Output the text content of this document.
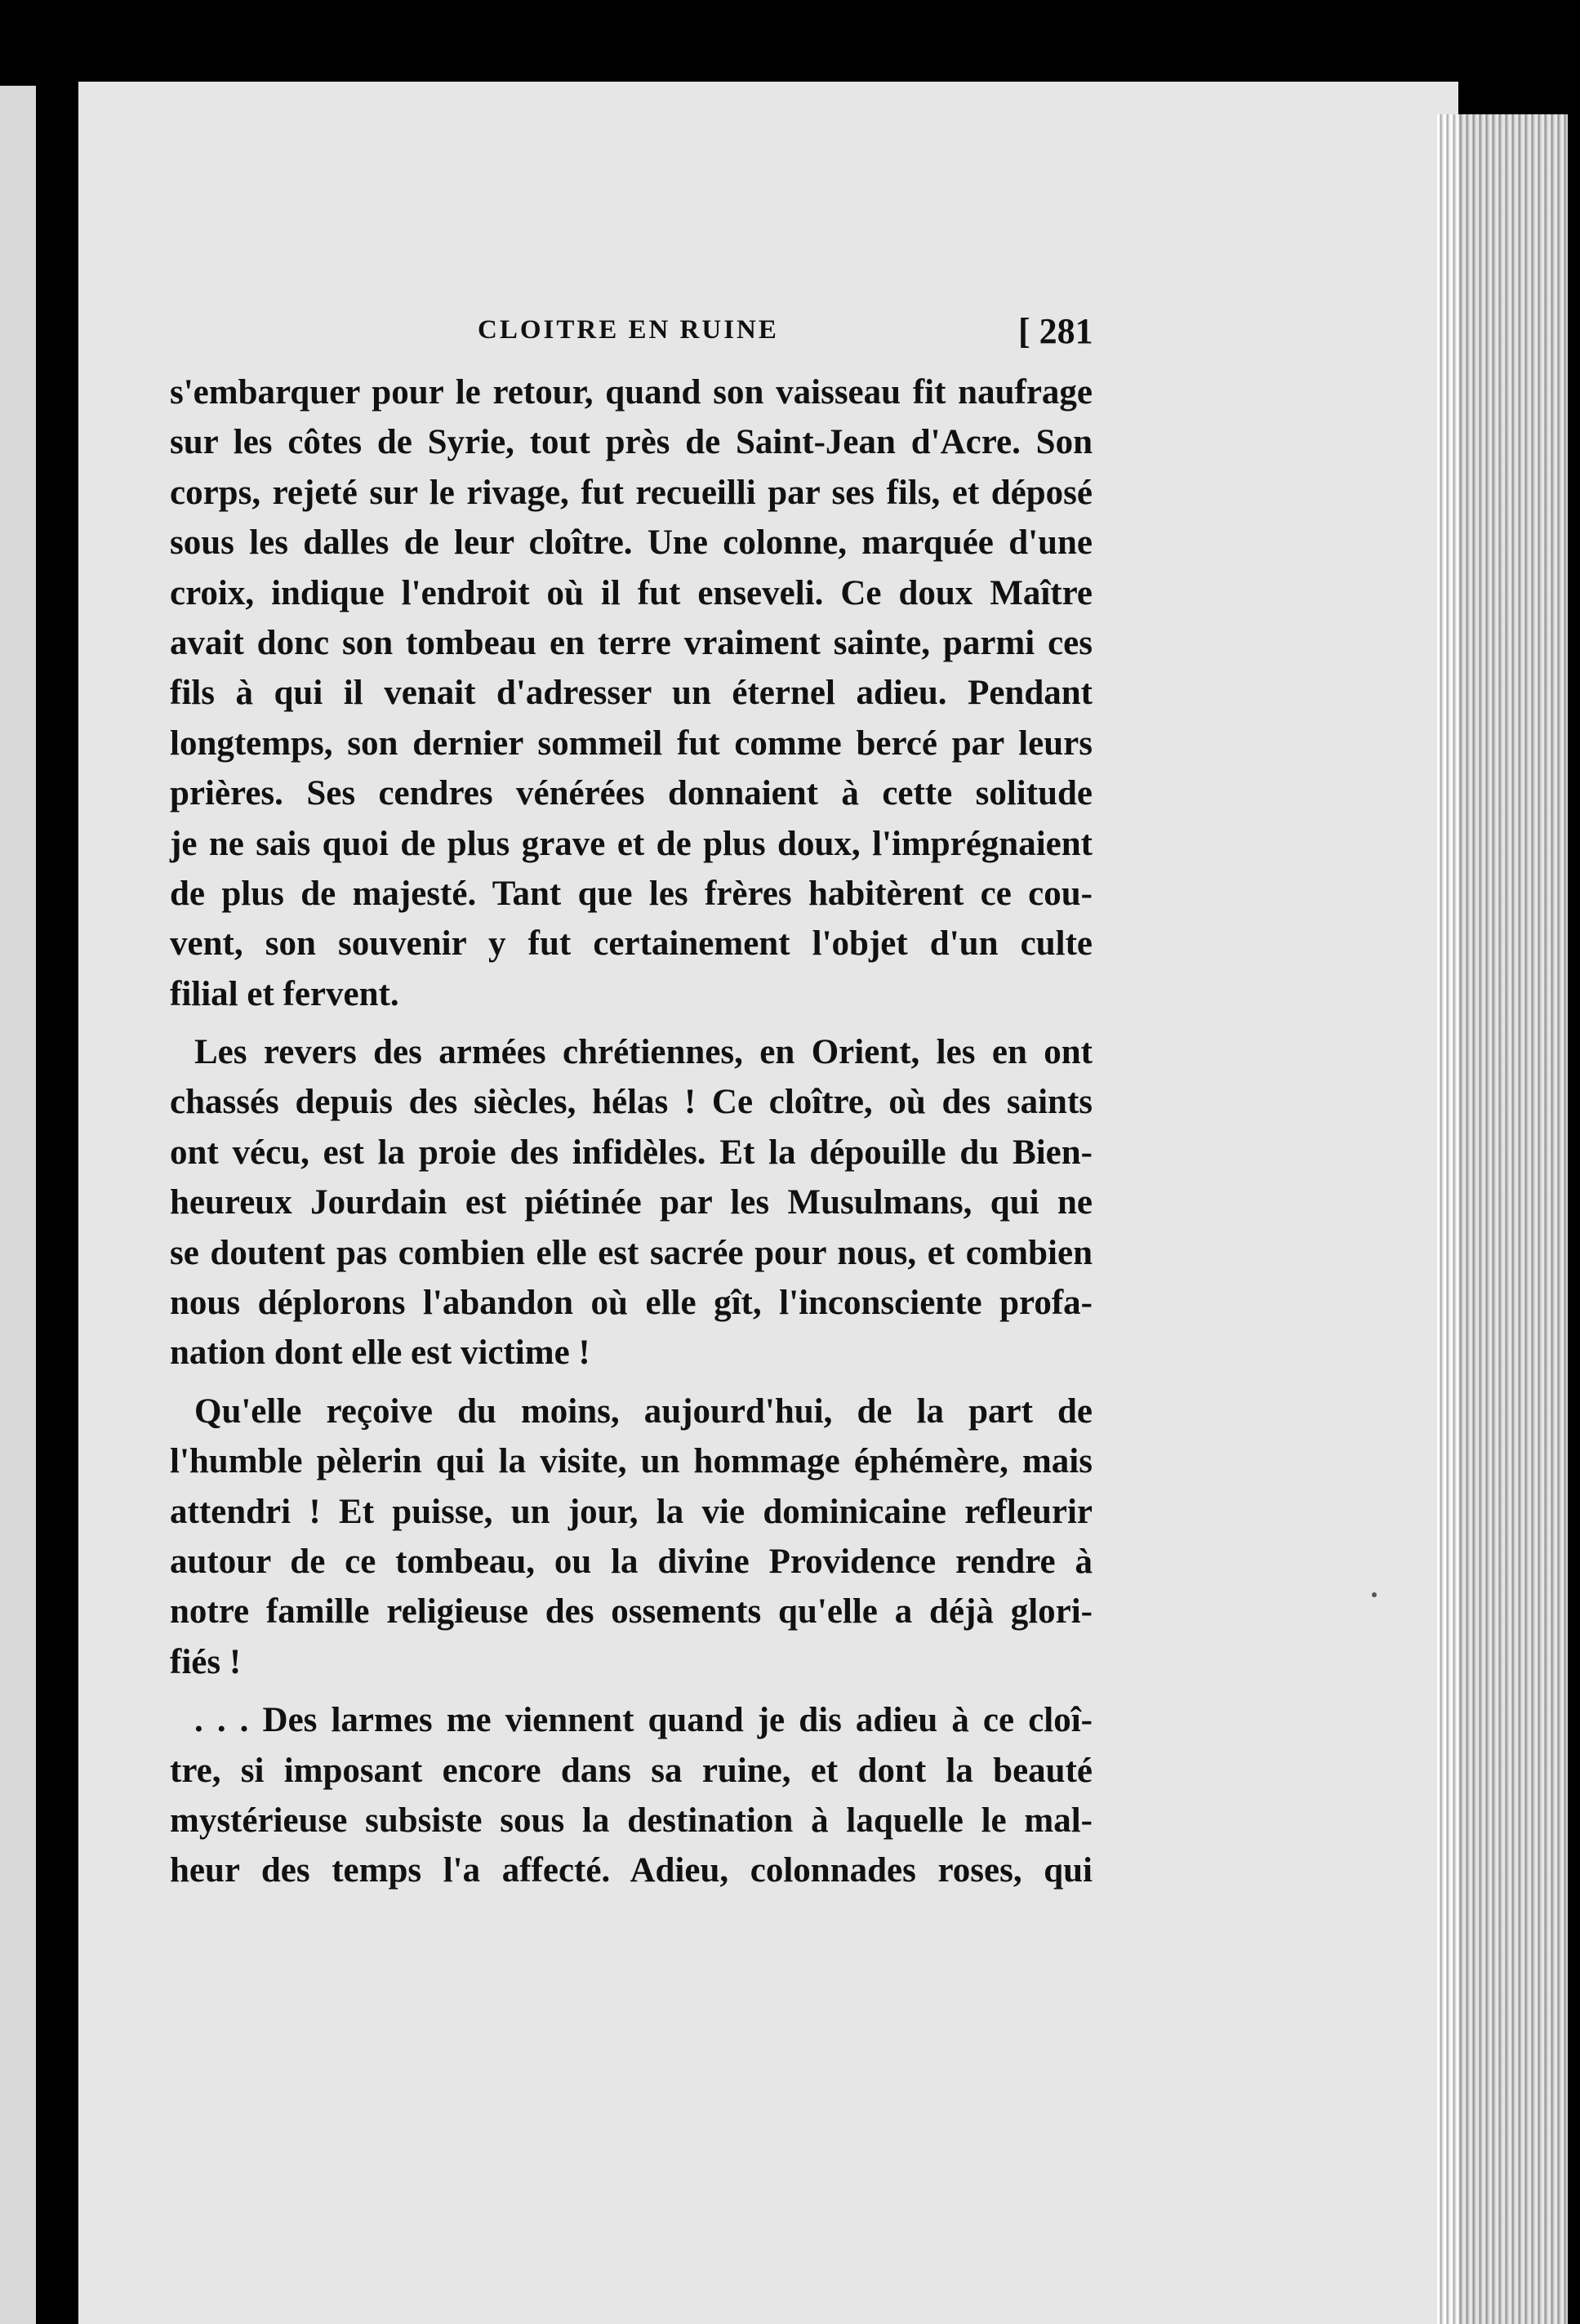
CLOITRE EN RUINE	[ 281
s'embarquer pour le retour, quand son vaisseau fit naufrage
sur les côtes de Syrie, tout près de Saint-Jean d'Acre. Son
corps, rejeté sur le rivage, fut recueilli par ses fils, et déposé
sous les dalles de leur cloître. Une colonne, marquée d'une
croix, indique l'endroit où il fut enseveli. Ce doux Maître
avait donc son tombeau en terre vraiment sainte, parmi ces
fils à qui il venait d'adresser un éternel adieu. Pendant
longtemps, son dernier sommeil fut comme bercé par leurs
prières. Ses cendres vénérées donnaient à cette solitude
je ne sais quoi de plus grave et de plus doux, l'imprégnaient
de plus de majesté. Tant que les frères habitèrent ce cou-
vent, son souvenir y fut certainement l'objet d'un culte
filial et fervent.
Les revers des armées chrétiennes, en Orient, les en ont
chassés depuis des siècles, hélas ! Ce cloître, où des saints
ont vécu, est la proie des infidèles. Et la dépouille du Bien-
heureux Jourdain est piétinée par les Musulmans, qui ne
se doutent pas combien elle est sacrée pour nous, et combien
nous déplorons l'abandon où elle gît, l'inconsciente profa-
nation dont elle est victime !
Qu'elle reçoive du moins, aujourd'hui, de la part de
l'humble pèlerin qui la visite, un hommage éphémère, mais
attendri ! Et puisse, un jour, la vie dominicaine refleurir
autour de ce tombeau, ou la divine Providence rendre à
notre famille religieuse des ossements qu'elle a déjà glori-
fiés !
. . . Des larmes me viennent quand je dis adieu à ce cloî-
tre, si imposant encore dans sa ruine, et dont la beauté
mystérieuse subsiste sous la destination à laquelle le mal-
heur des temps l'a affecté. Adieu, colonnades roses, qui
